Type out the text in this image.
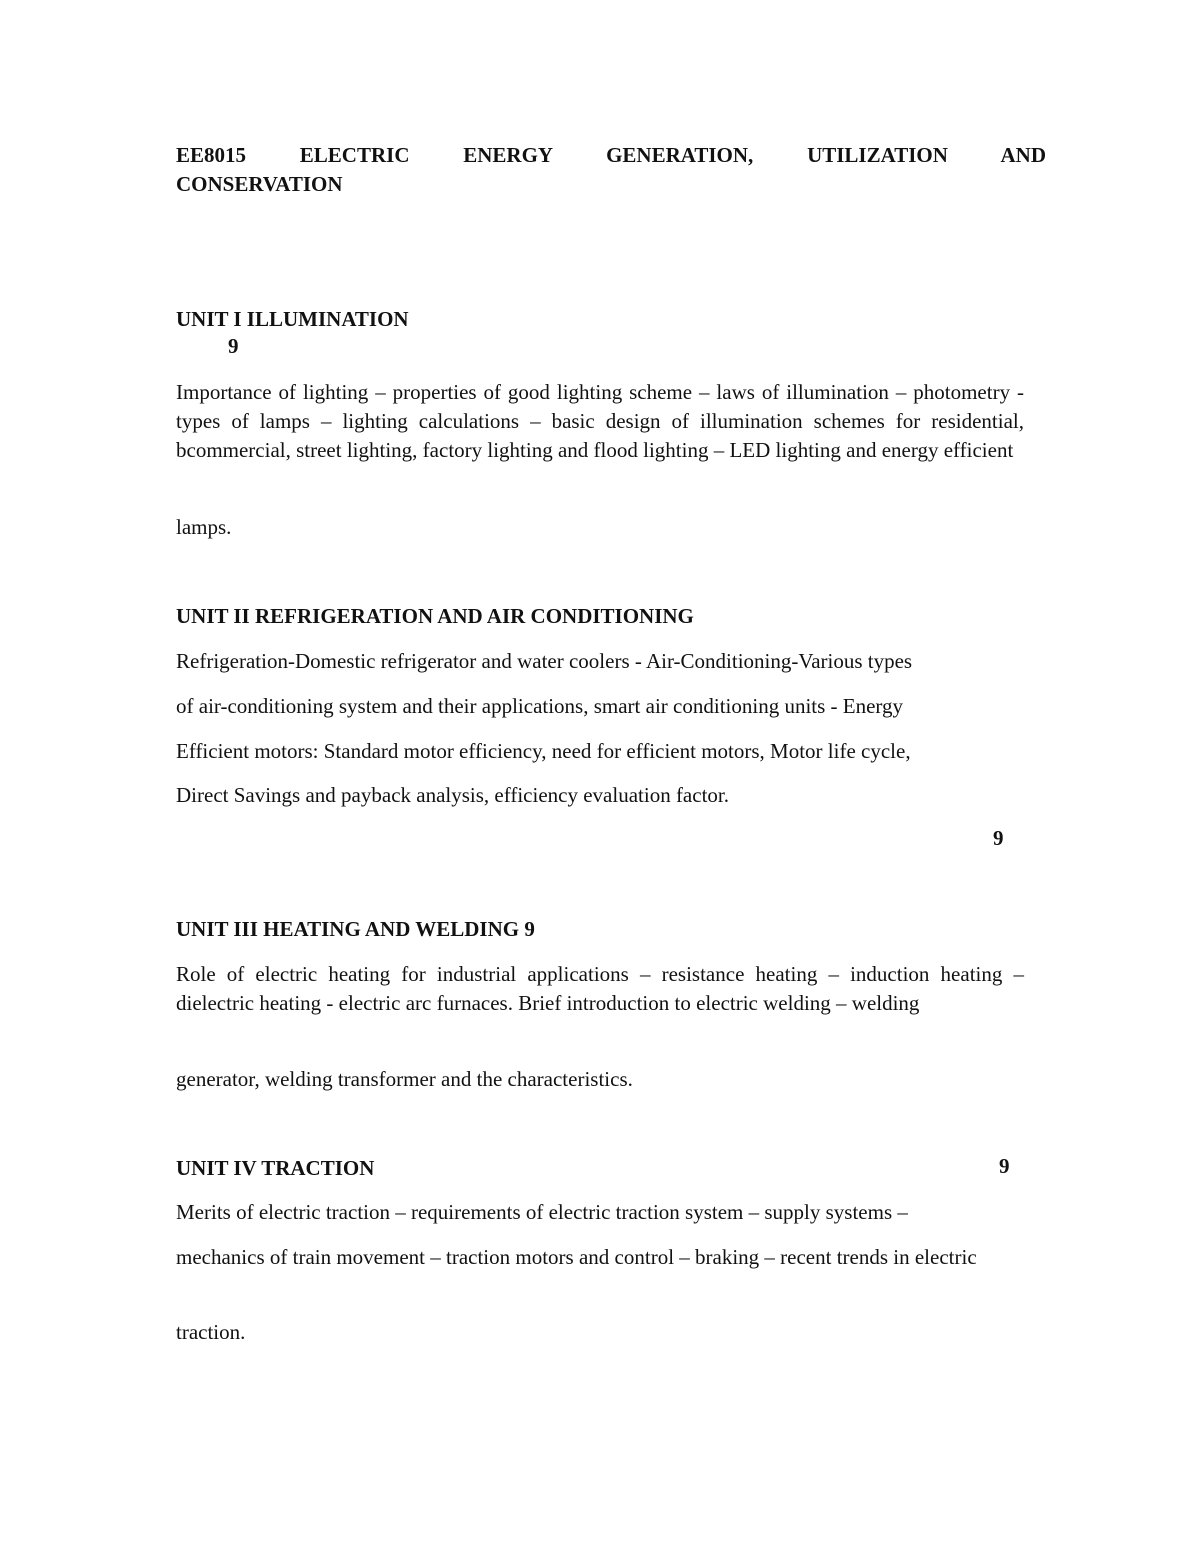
EE8015 ELECTRIC ENERGY GENERATION, UTILIZATION AND
CONSERVATION
UNIT I ILLUMINATION
9

Importance of lighting – properties of good lighting scheme – laws of illumination – photometry - types of lamps – lighting calculations – basic design of illumination schemes for residential, bcommercial, street lighting, factory lighting and flood lighting – LED lighting and energy efficient

lamps.
UNIT II REFRIGERATION AND AIR CONDITIONING
Refrigeration-Domestic refrigerator and water coolers - Air-Conditioning-Various types
of air-conditioning system and their applications, smart air conditioning units - Energy
Efficient motors: Standard motor efficiency, need for efficient motors, Motor life cycle,
Direct Savings and payback analysis, efficiency evaluation factor.
9
UNIT III HEATING AND WELDING 9

Role of electric heating for industrial applications – resistance heating – induction heating – dielectric heating - electric arc furnaces. Brief introduction to electric welding – welding

generator, welding transformer and the characteristics.
UNIT IV TRACTION	9
Merits of electric traction – requirements of electric traction system – supply systems –

mechanics of train movement – traction motors and control – braking – recent trends in electric

traction.
